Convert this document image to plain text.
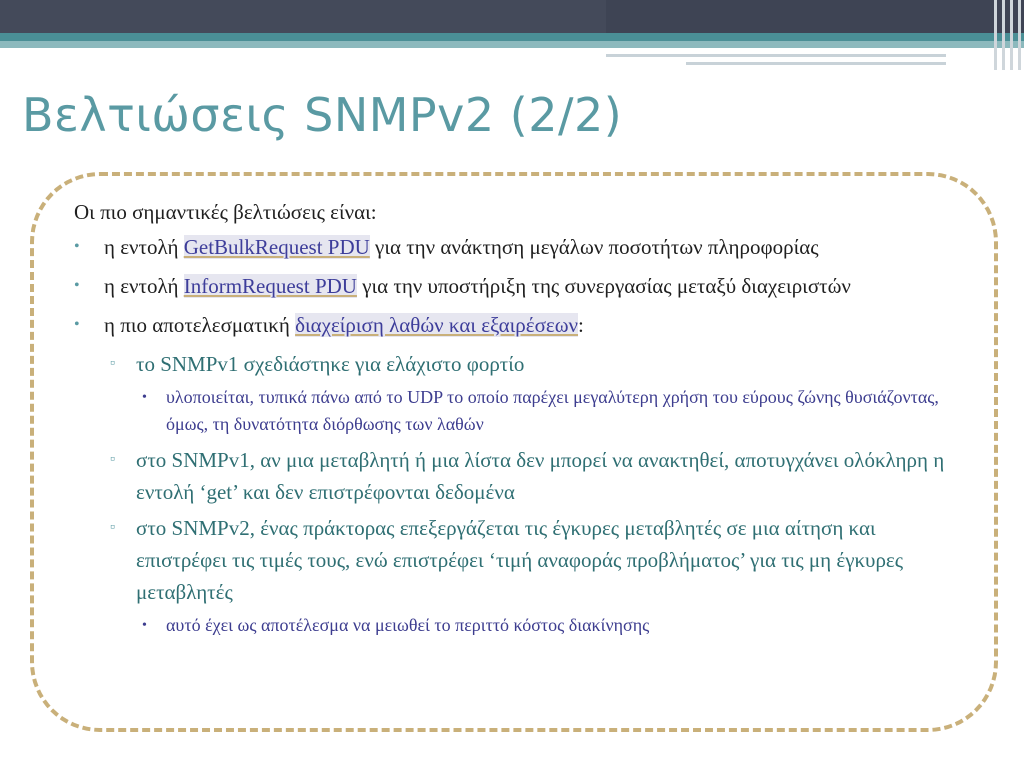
Βελτιώσεις SNMPv2 (2/2)
Οι πιο σημαντικές βελτιώσεις είναι:
• η εντολή GetBulkRequest PDU για την ανάκτηση μεγάλων ποσοτήτων πληροφορίας
• η εντολή InformRequest PDU για την υποστήριξη της συνεργασίας μεταξύ διαχειριστών
• η πιο αποτελεσματική διαχείριση λαθών και εξαιρέσεων:
▫ το SNMPv1 σχεδιάστηκε για ελάχιστο φορτίο
• υλοποιείται, τυπικά πάνω από το UDP το οποίο παρέχει μεγαλύτερη χρήση του εύρους ζώνης θυσιάζοντας, όμως, τη δυνατότητα διόρθωσης των λαθών
▫ στο SNMPv1, αν μια μεταβλητή ή μια λίστα δεν μπορεί να ανακτηθεί, αποτυγχάνει ολόκληρη η εντολή ‘get’ και δεν επιστρέφονται δεδομένα
▫ στο SNMPv2, ένας πράκτορας επεξεργάζεται τις έγκυρες μεταβλητές σε μια αίτηση και επιστρέφει τις τιμές τους, ενώ επιστρέφει ‘τιμή αναφοράς προβλήματος’ για τις μη έγκυρες μεταβλητές
• αυτό έχει ως αποτέλεσμα να μειωθεί το περιττό κόστος διακίνησης
